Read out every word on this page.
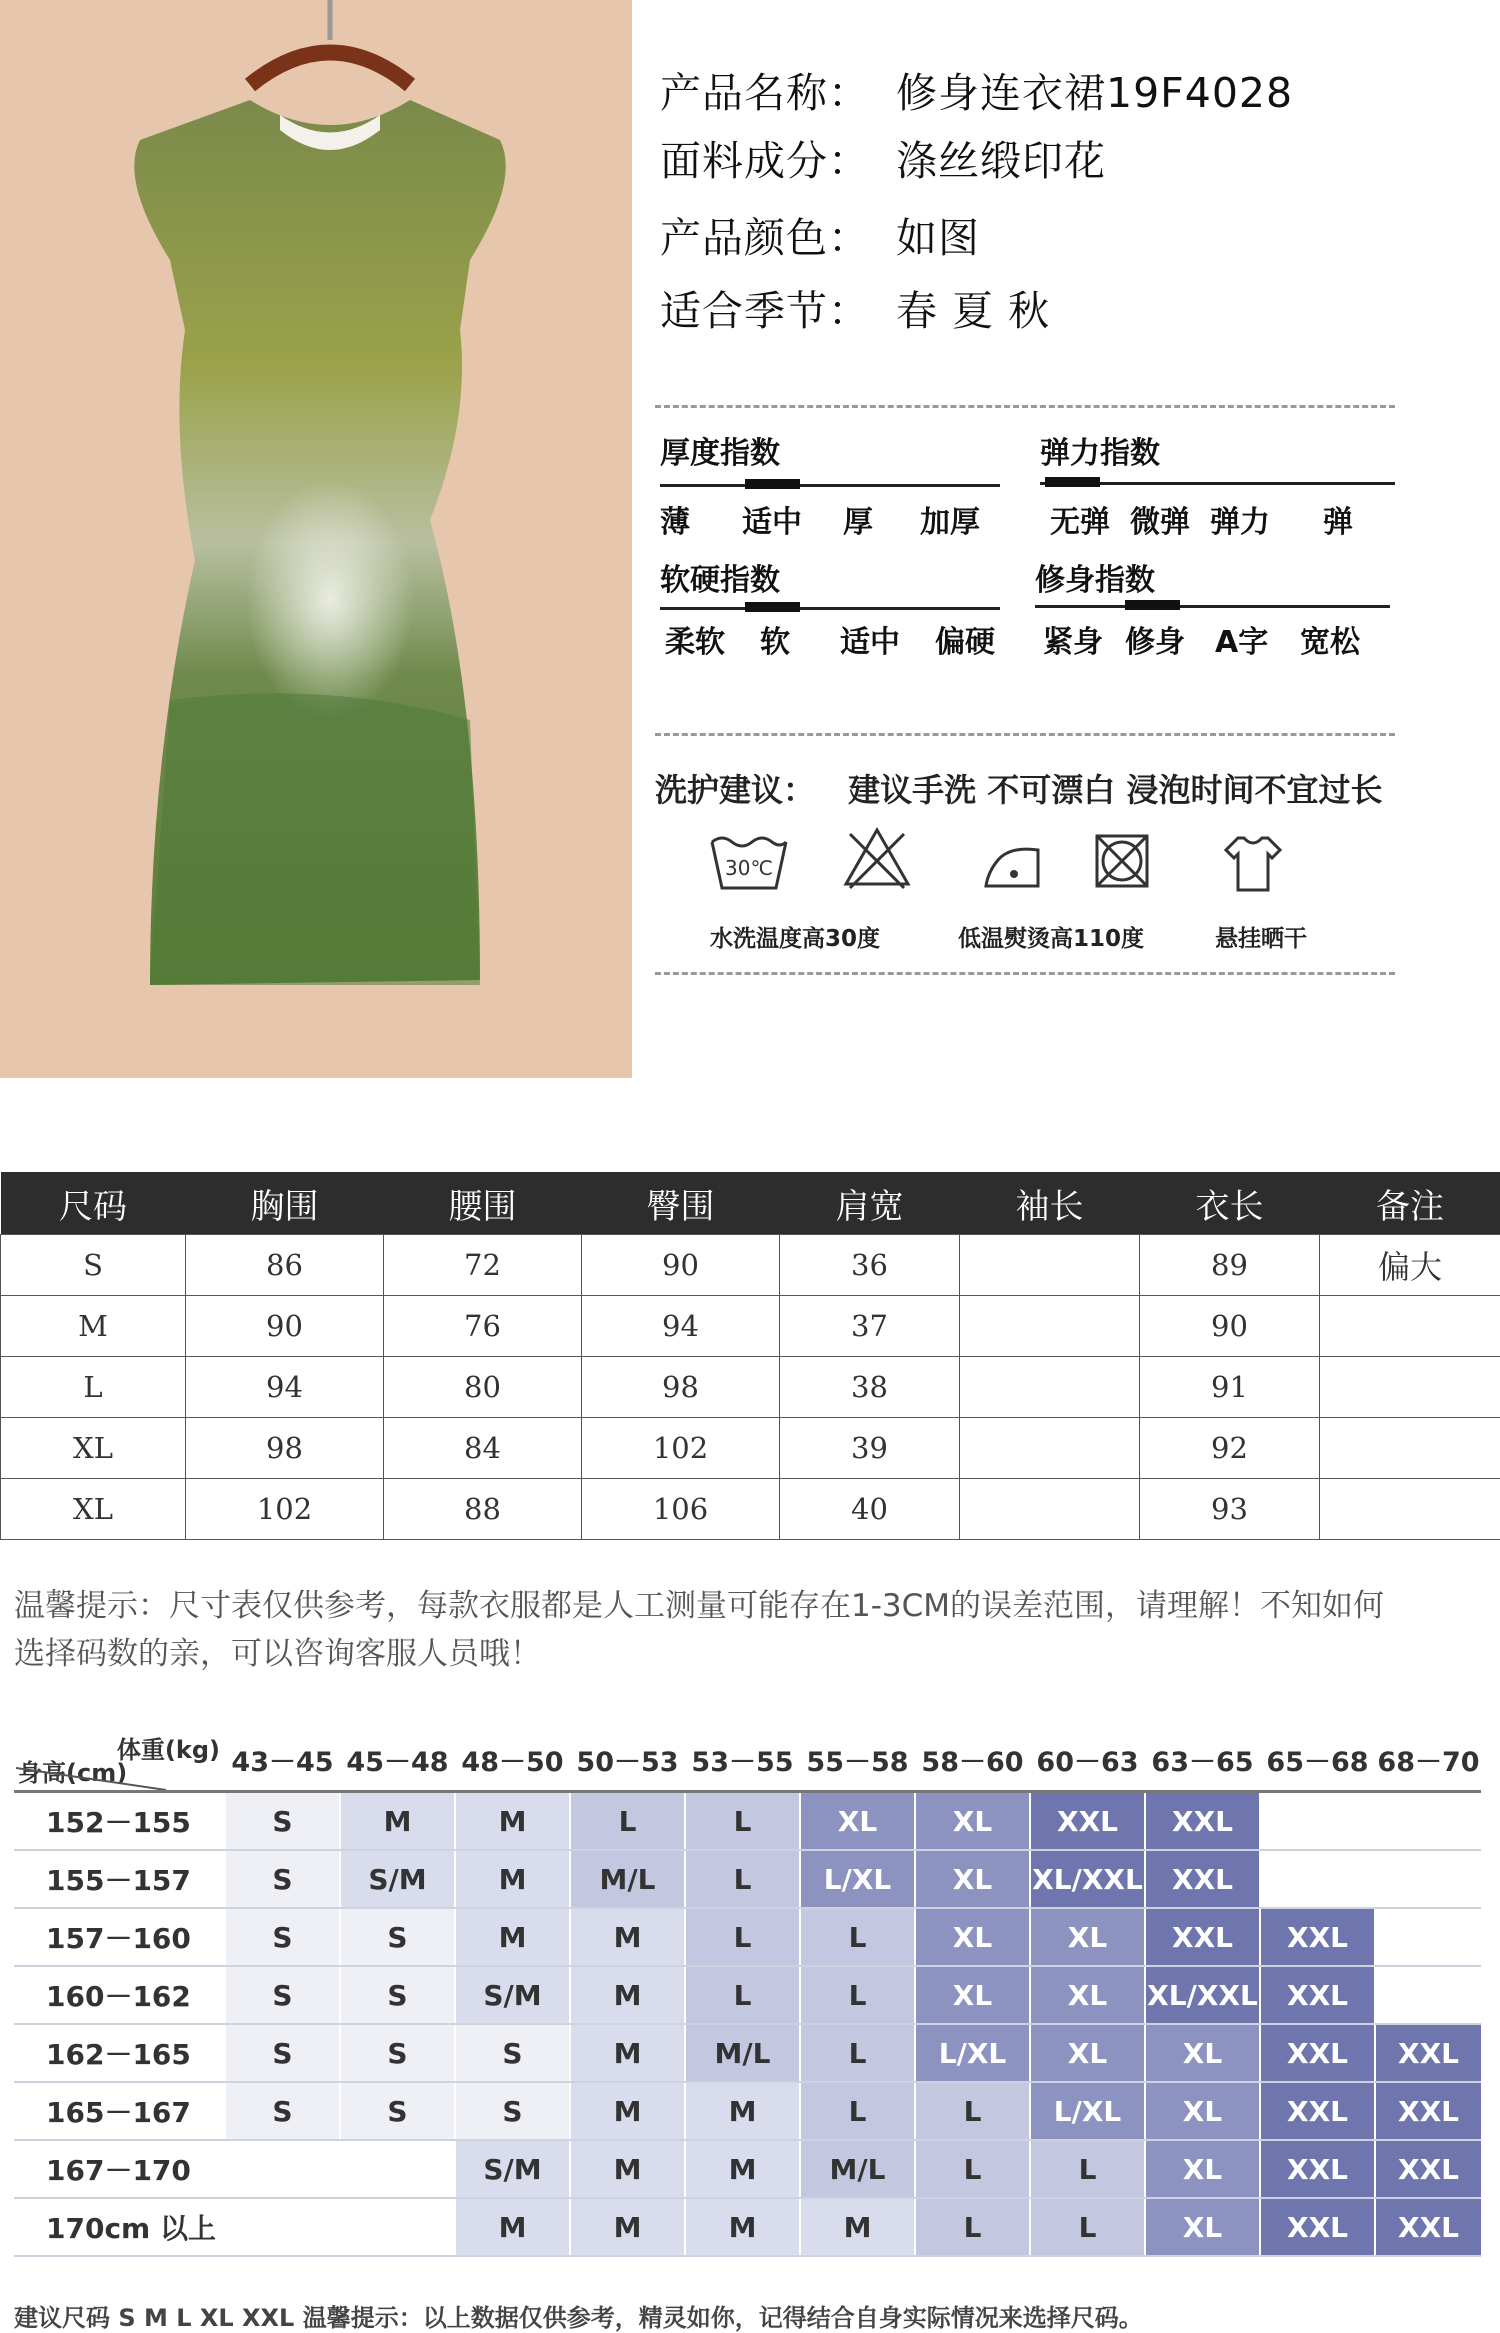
产品名称： 修身连衣裙19F4028
面料成分： 涤丝缎印花
产品颜色： 如图
适合季节： 春 夏 秋
厚度指数
薄 适中 厚 加厚
弹力指数
无弹 微弹 弹力 弹
软硬指数
柔软 软 适中 偏硬
修身指数
紧身 修身 A字 宽松
洗护建议： 建议手洗 不可漂白 浸泡时间不宜过长
30℃
水洗温度高30度	低温熨烫高110度	悬挂晒干
尺码	胸围	腰围	臀围	肩宽	袖长	衣长	备注
S	86	72	90	36		89	偏大
M	90	76	94	37		90	
L	94	80	98	38		91	
XL	98	84	102	39		92	
XL	102	88	106	40		93	
温馨提示：尺寸表仅供参考，每款衣服都是人工测量可能存在1-3CM的误差范围，请理解！不知如何
选择码数的亲，可以咨询客服人员哦！
体重(kg)
身高(cm)	43－45	45－48	48－50	50－53	53－55	55－58	58－60	60－63	63－65	65－68	68－70
152－155	S	M	M	L	L	XL	XL	XXL	XXL		
155－157	S	S/M	M	M/L	L	L/XL	XL	XL/XXL	XXL		
157－160	S	S	M	M	L	L	XL	XL	XXL	XXL	
160－162	S	S	S/M	M	L	L	XL	XL	XL/XXL	XXL	
162－165	S	S	S	M	M/L	L	L/XL	XL	XL	XXL	XXL
165－167	S	S	S	M	M	L	L	L/XL	XL	XXL	XXL
167－170			S/M	M	M	M/L	L	L	XL	XXL	XXL
170cm 以上			M	M	M	M	L	L	XL	XXL	XXL
建议尺码 S M L XL XXL 温馨提示：以上数据仅供参考，精灵如你，记得结合自身实际情况来选择尺码。
